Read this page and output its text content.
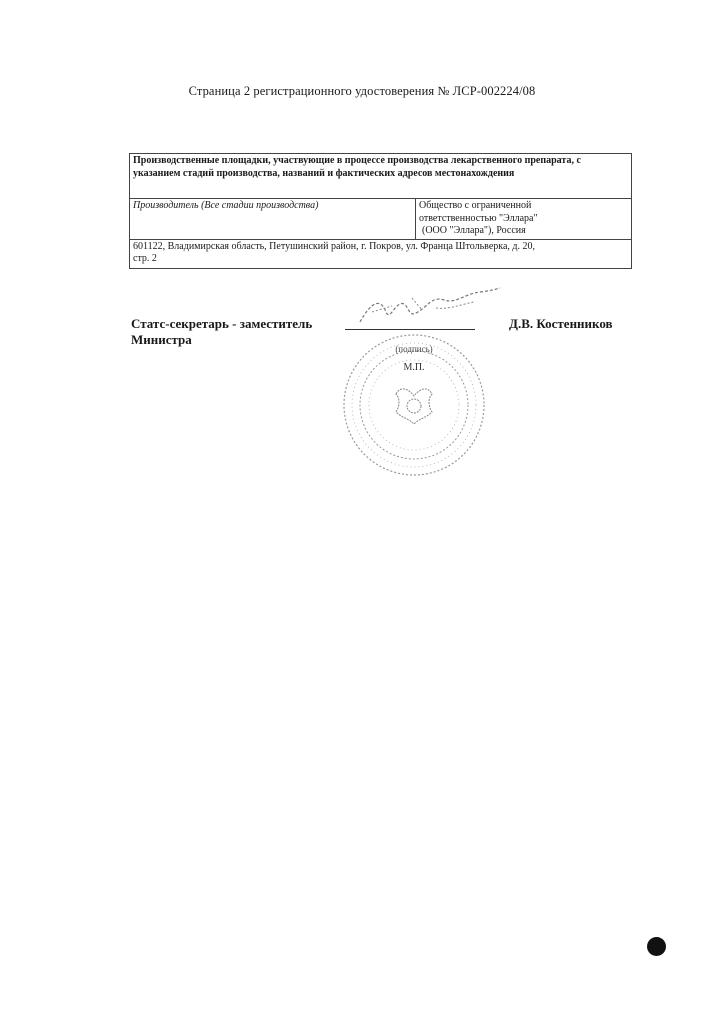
Страница 2 регистрационного удостоверения № ЛСР-002224/08
Производственные площадки, участвующие в процессе производства лекарственного препарата, с указанием стадий производства, названий и фактических адресов местонахождения
Производитель (Все стадии производства)	Общество с ограниченной
ответственностью "Эллара"
(ООО "Эллара"), Россия

601122, Владимирская область, Петушинский район, г. Покров, ул. Франца Штольверка, д. 20,
стр. 2
Статс-секретарь - заместитель
Министра
Д.В. Костенников
(подпись)
М.П.
